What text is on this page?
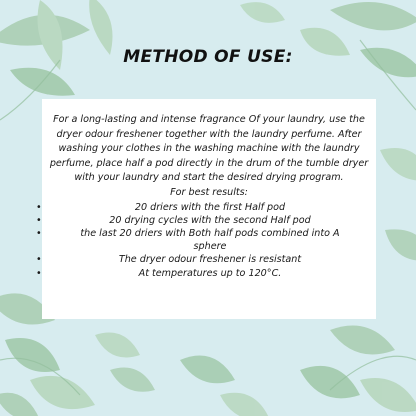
METHOD OF USE:

For a long-lasting and intense fragrance Of your laundry, use the dryer odour freshener together with the laundry perfume. After washing your clothes in the washing machine with the laundry perfume, place half a pod directly in the drum of the tumble dryer with your laundry and start the desired drying program.

For best results:

•	20 driers with the first Half pod
•	20 drying cycles with the second Half pod
•	the last 20 driers with Both half pods combined into A sphere
•	The dryer odour freshener is resistant
•	At temperatures up to 120°C.
